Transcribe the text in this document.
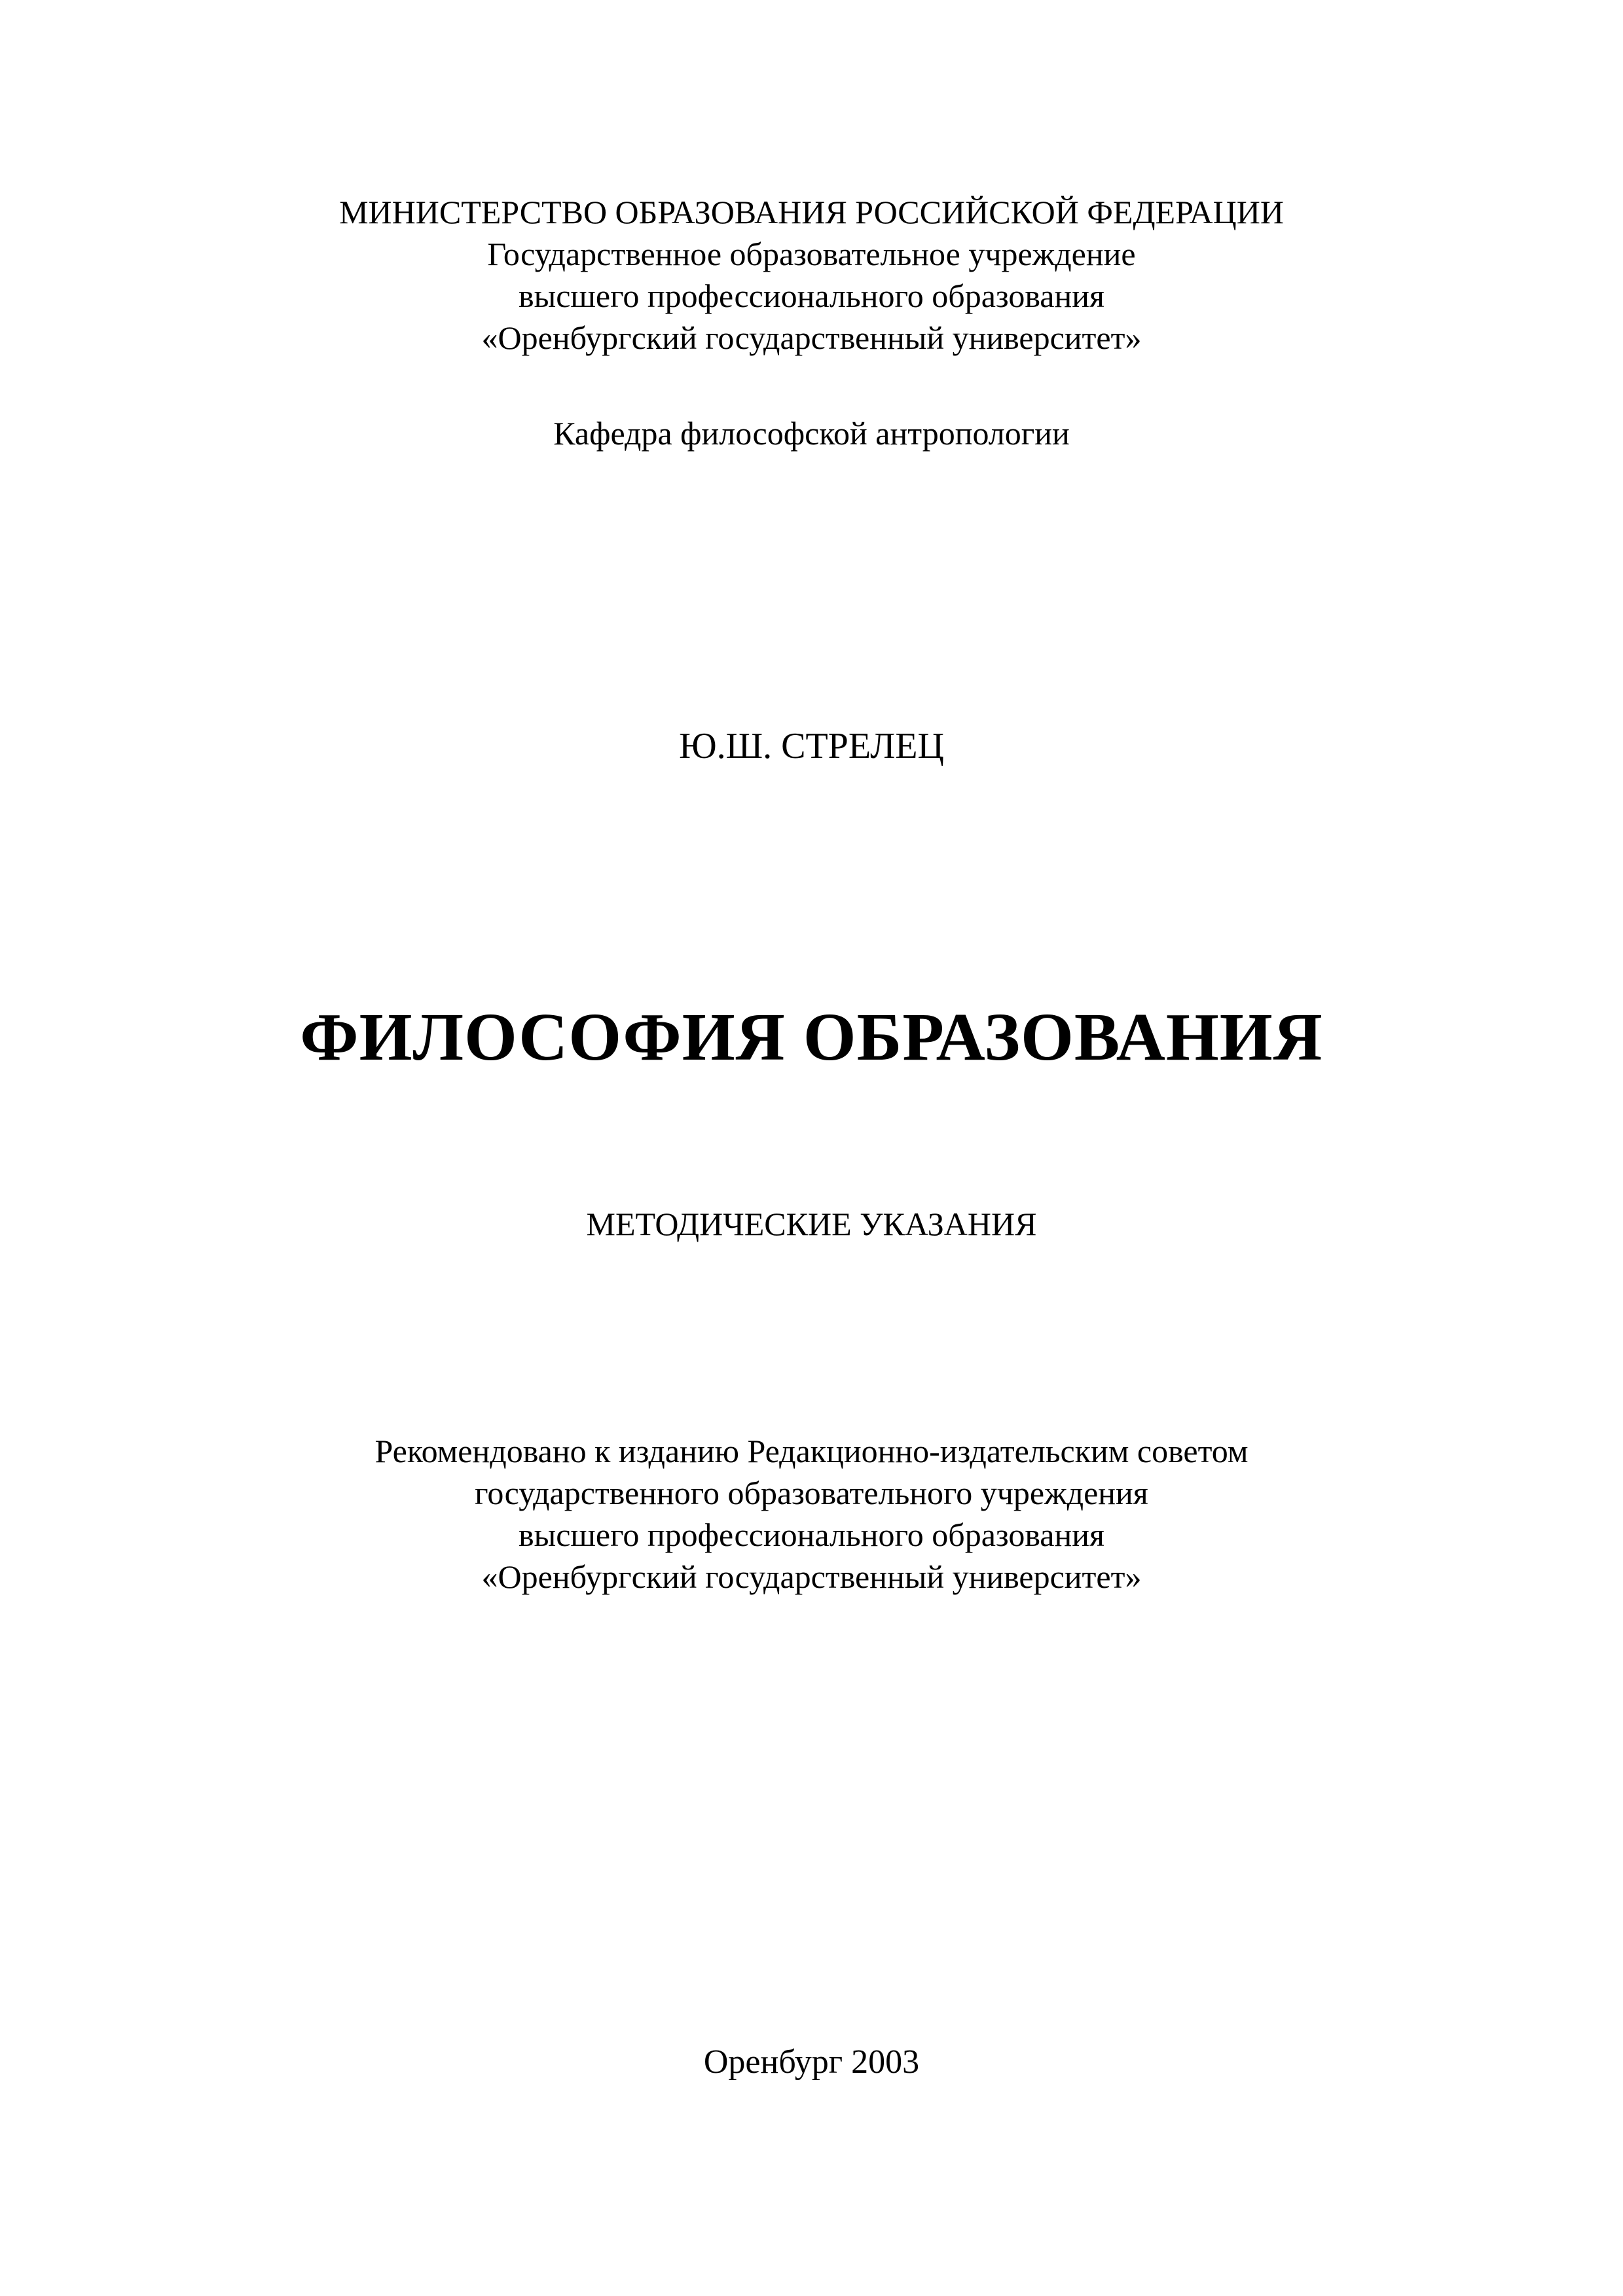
МИНИСТЕРСТВО ОБРАЗОВАНИЯ РОССИЙСКОЙ ФЕДЕРАЦИИ
Государственное образовательное учреждение
высшего профессионального образования
«Оренбургский государственный университет»
Кафедра философской антропологии
Ю.Ш. СТРЕЛЕЦ
ФИЛОСОФИЯ ОБРАЗОВАНИЯ
МЕТОДИЧЕСКИЕ УКАЗАНИЯ
Рекомендовано к изданию Редакционно-издательским советом
государственного образовательного учреждения
высшего профессионального образования
«Оренбургский государственный университет»
Оренбург 2003
